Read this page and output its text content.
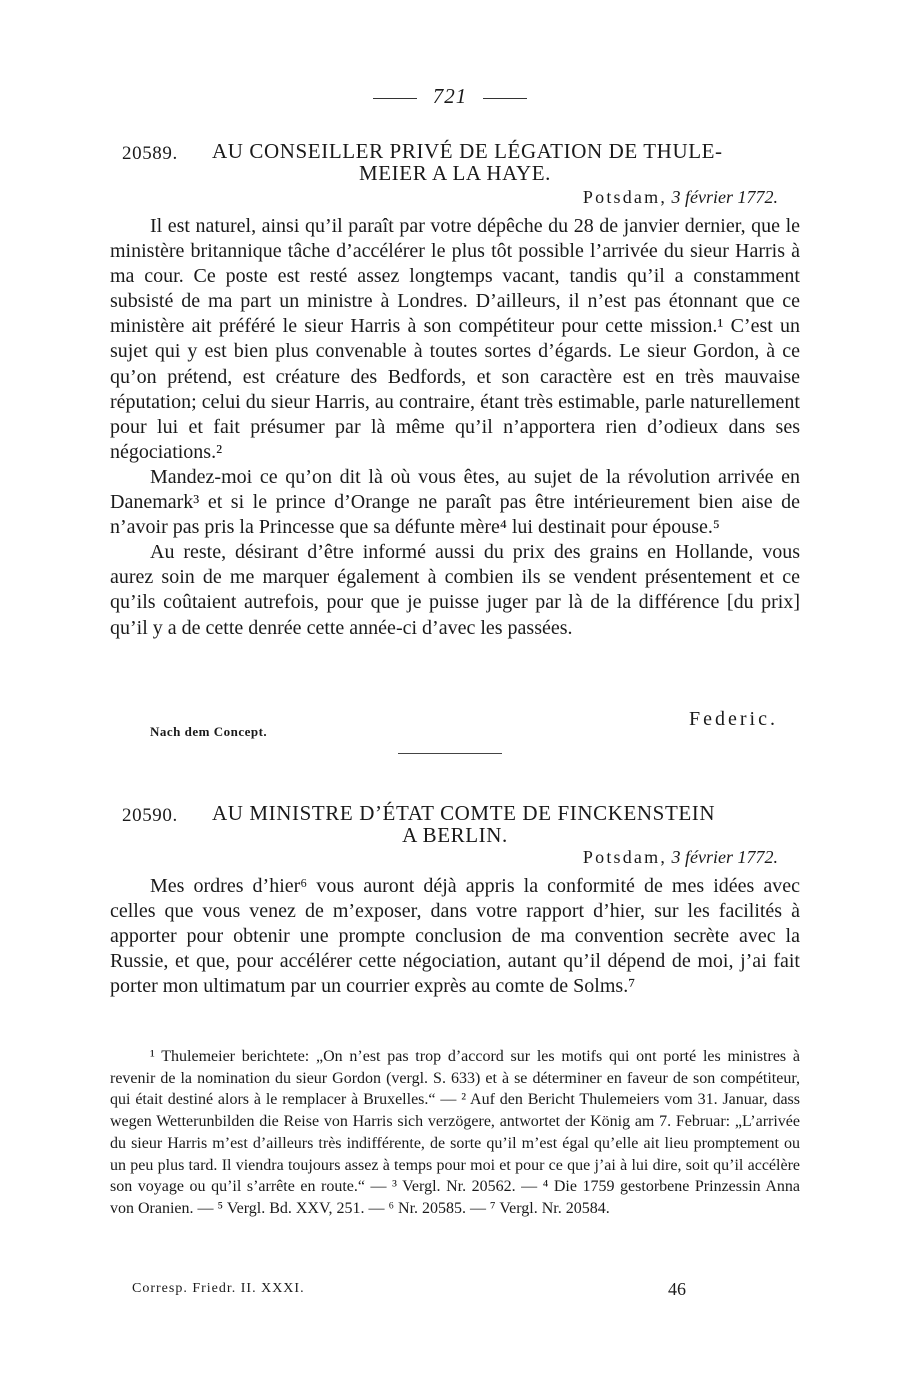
721
20589. AU CONSEILLER PRIVÉ DE LÉGATION DE THULE-
MEIER A LA HAYE.
Potsdam, 3 février 1772.

Il est naturel, ainsi qu’il paraît par votre dépêche du 28 de janvier dernier, que le ministère britannique tâche d’accélérer le plus tôt possible l’arrivée du sieur Harris à ma cour. Ce poste est resté assez longtemps vacant, tandis qu’il a constamment subsisté de ma part un ministre à Londres. D’ailleurs, il n’est pas étonnant que ce ministère ait préféré le sieur Harris à son compétiteur pour cette mission.¹ C’est un sujet qui y est bien plus convenable à toutes sortes d’égards. Le sieur Gordon, à ce qu’on prétend, est créature des Bedfords, et son caractère est en très mauvaise réputation; celui du sieur Harris, au contraire, étant très estimable, parle naturellement pour lui et fait présumer par là même qu’il n’apportera rien d’odieux dans ses négociations.²

Mandez-moi ce qu’on dit là où vous êtes, au sujet de la révolution arrivée en Danemark³ et si le prince d’Orange ne paraît pas être intérieurement bien aise de n’avoir pas pris la Princesse que sa défunte mère⁴ lui destinait pour épouse.⁵

Au reste, désirant d’être informé aussi du prix des grains en Hollande, vous aurez soin de me marquer également à combien ils se vendent présentement et ce qu’ils coûtaient autrefois, pour que je puisse juger par là de la différence [du prix] qu’il y a de cette denrée cette année-ci d’avec les passées.

Federic.
Nach dem Concept.
20590. AU MINISTRE D’ÉTAT COMTE DE FINCKENSTEIN
A BERLIN.
Potsdam, 3 février 1772.

Mes ordres d’hier⁶ vous auront déjà appris la conformité de mes idées avec celles que vous venez de m’exposer, dans votre rapport d’hier, sur les facilités à apporter pour obtenir une prompte conclusion de ma convention secrète avec la Russie, et que, pour accélérer cette négociation, autant qu’il dépend de moi, j’ai fait porter mon ultimatum par un courrier exprès au comte de Solms.⁷

¹ Thulemeier berichtete: „On n’est pas trop d’accord sur les motifs qui ont porté les ministres à revenir de la nomination du sieur Gordon (vergl. S. 633) et à se déterminer en faveur de son compétiteur, qui était destiné alors à le remplacer à Bruxelles.“ — ² Auf den Bericht Thulemeiers vom 31. Januar, dass wegen Wetterunbilden die Reise von Harris sich verzögere, antwortet der König am 7. Februar: „L’arrivée du sieur Harris m’est d’ailleurs très indifférente, de sorte qu’il m’est égal qu’elle ait lieu promptement ou un peu plus tard. Il viendra toujours assez à temps pour moi et pour ce que j’ai à lui dire, soit qu’il accélère son voyage ou qu’il s’arrête en route.“ — ³ Vergl. Nr. 20562. — ⁴ Die 1759 gestorbene Prinzessin Anna von Oranien. — ⁵ Vergl. Bd. XXV, 251. — ⁶ Nr. 20585. — ⁷ Vergl. Nr. 20584.

Corresp. Friedr. II. XXXI.	46
